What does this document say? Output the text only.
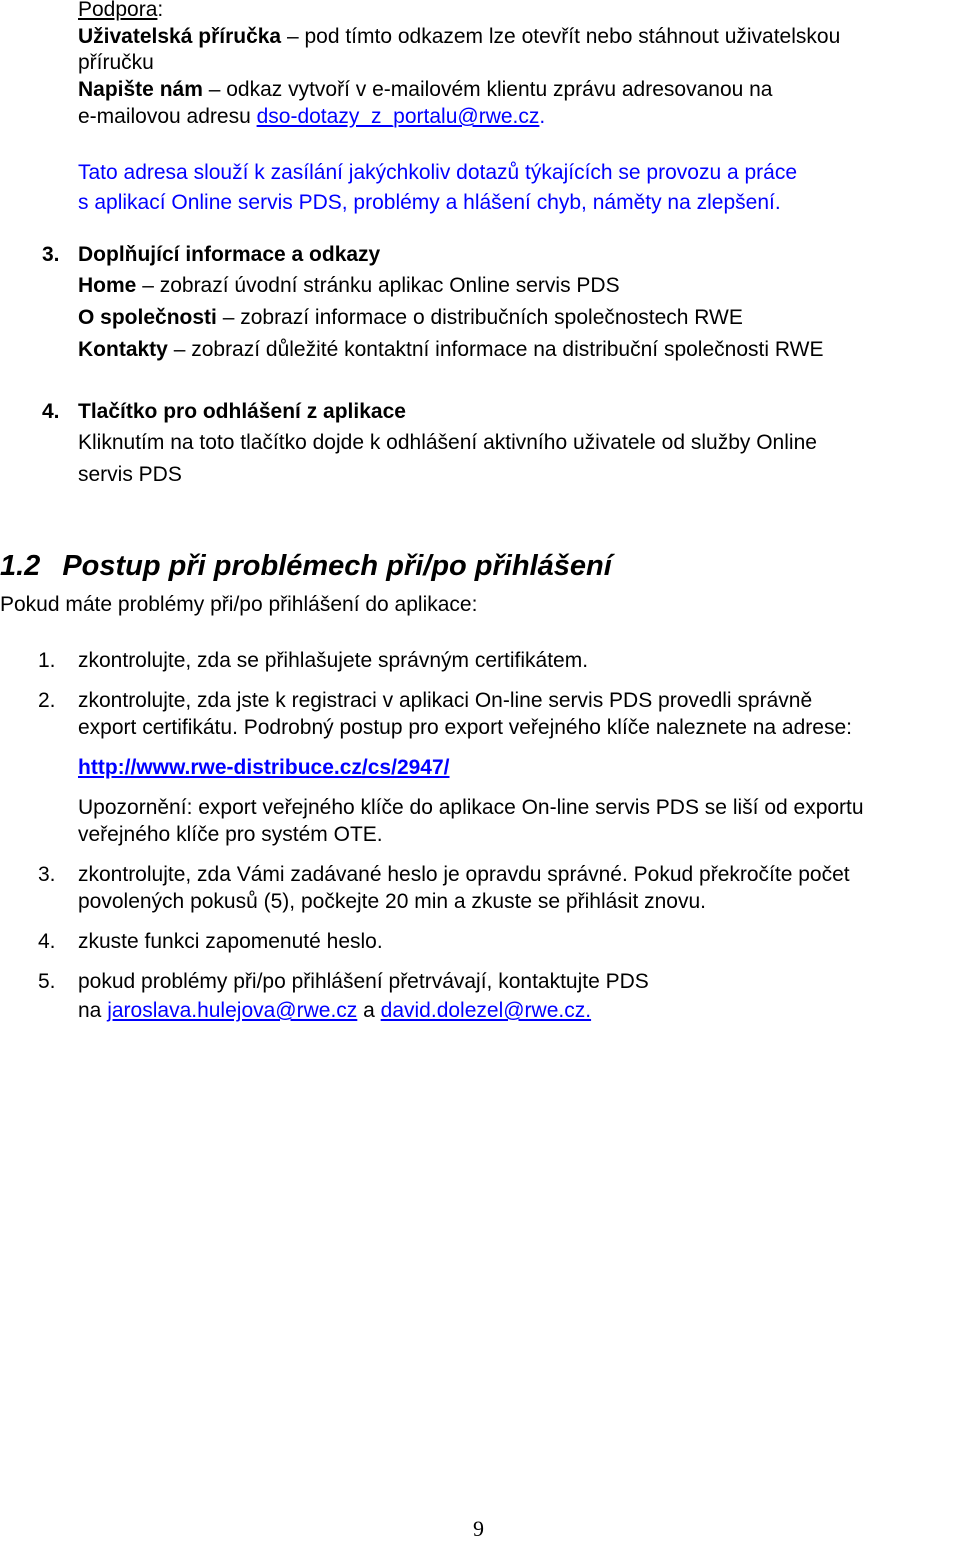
Podpora:
Uživatelská příručka – pod tímto odkazem lze otevřít nebo stáhnout uživatelskou
příručku
Napište nám – odkaz vytvoří v e-mailovém klientu zprávu adresovanou na
e-mailovou adresu dso-dotazy_z_portalu@rwe.cz.
Tato adresa slouží k zasílání jakýchkoliv dotazů týkajících se provozu a práce
s aplikací Online servis PDS, problémy a hlášení chyb, náměty na zlepšení.
3. Doplňující informace a odkazy
Home – zobrazí úvodní stránku aplikac Online servis PDS
O společnosti – zobrazí informace o distribučních společnostech RWE
Kontakty – zobrazí důležité kontaktní informace na distribuční společnosti RWE
4. Tlačítko pro odhlášení z aplikace
Kliknutím na toto tlačítko dojde k odhlášení aktivního uživatele od služby Online
servis PDS
1.2 Postup při problémech při/po přihlášení
Pokud máte problémy při/po přihlášení do aplikace:
1. zkontrolujte, zda se přihlašujete správným certifikátem.
2. zkontrolujte, zda jste k registraci v aplikaci On-line servis PDS provedli správně
export certifikátu. Podrobný postup pro export veřejného klíče naleznete na adrese:
http://www.rwe-distribuce.cz/cs/2947/
Upozornění: export veřejného klíče do aplikace On-line servis PDS se liší od exportu
veřejného klíče pro systém OTE.
3. zkontrolujte, zda Vámi zadávané heslo je opravdu správné. Pokud překročíte počet
povolených pokusů (5), počkejte 20 min a zkuste se přihlásit znovu.
4. zkuste funkci zapomenuté heslo.
5. pokud problémy při/po přihlášení přetrvávají, kontaktujte PDS
na jaroslava.hulejova@rwe.cz a david.dolezel@rwe.cz.
9
